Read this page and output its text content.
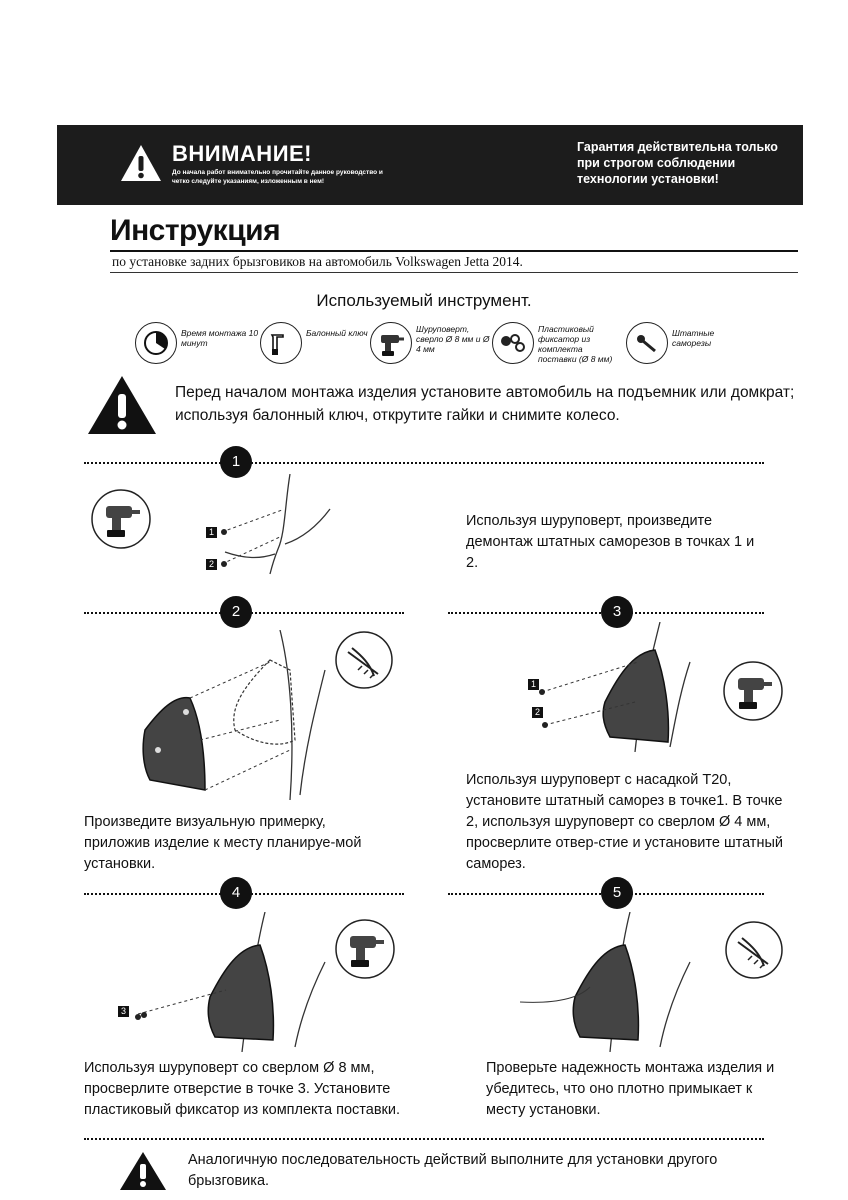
ВНИМАНИЕ!
До начала работ внимательно прочитайте данное руководство и четко следуйте указаниям, изложенным в нем!
Гарантия действительна только при строгом соблюдении технологии установки!
Инструкция
по установке задних брызговиков на автомобиль Volkswagen Jetta 2014.
Используемый инструмент.
Время монтажа 10 минут
Балонный ключ	Шуруповерт, сверло Ø 8 мм и Ø 4 мм
Пластиковый фиксатор из комплекта поставки (Ø 8 мм)
Штатные саморезы
Перед началом монтажа изделия установите автомобиль на подъемник или домкрат; используя балонный ключ, открутите гайки и снимите колесо.
1
1
2
Используя шуруповерт, произведите демонтаж штатных саморезов в точках 1 и 2.
2	3
Произведите визуальную примерку, приложив изделие к месту планируе-мой установки.
1
2
Используя шуруповерт с насадкой Т20, установите штатный саморез в точке1. В точке 2, используя шуруповерт со сверлом Ø 4 мм, просверлите отвер-стие и установите штатный саморез.
4	5
3
Используя шуруповерт со сверлом Ø 8 мм, просверлите отверстие в точке 3. Установите пластиковый фиксатор из комплекта поставки.
Проверьте надежность монтажа изделия и убедитесь, что оно плотно примыкает к месту установки.
Аналогичную последовательность действий выполните для установки другого брызговика.
